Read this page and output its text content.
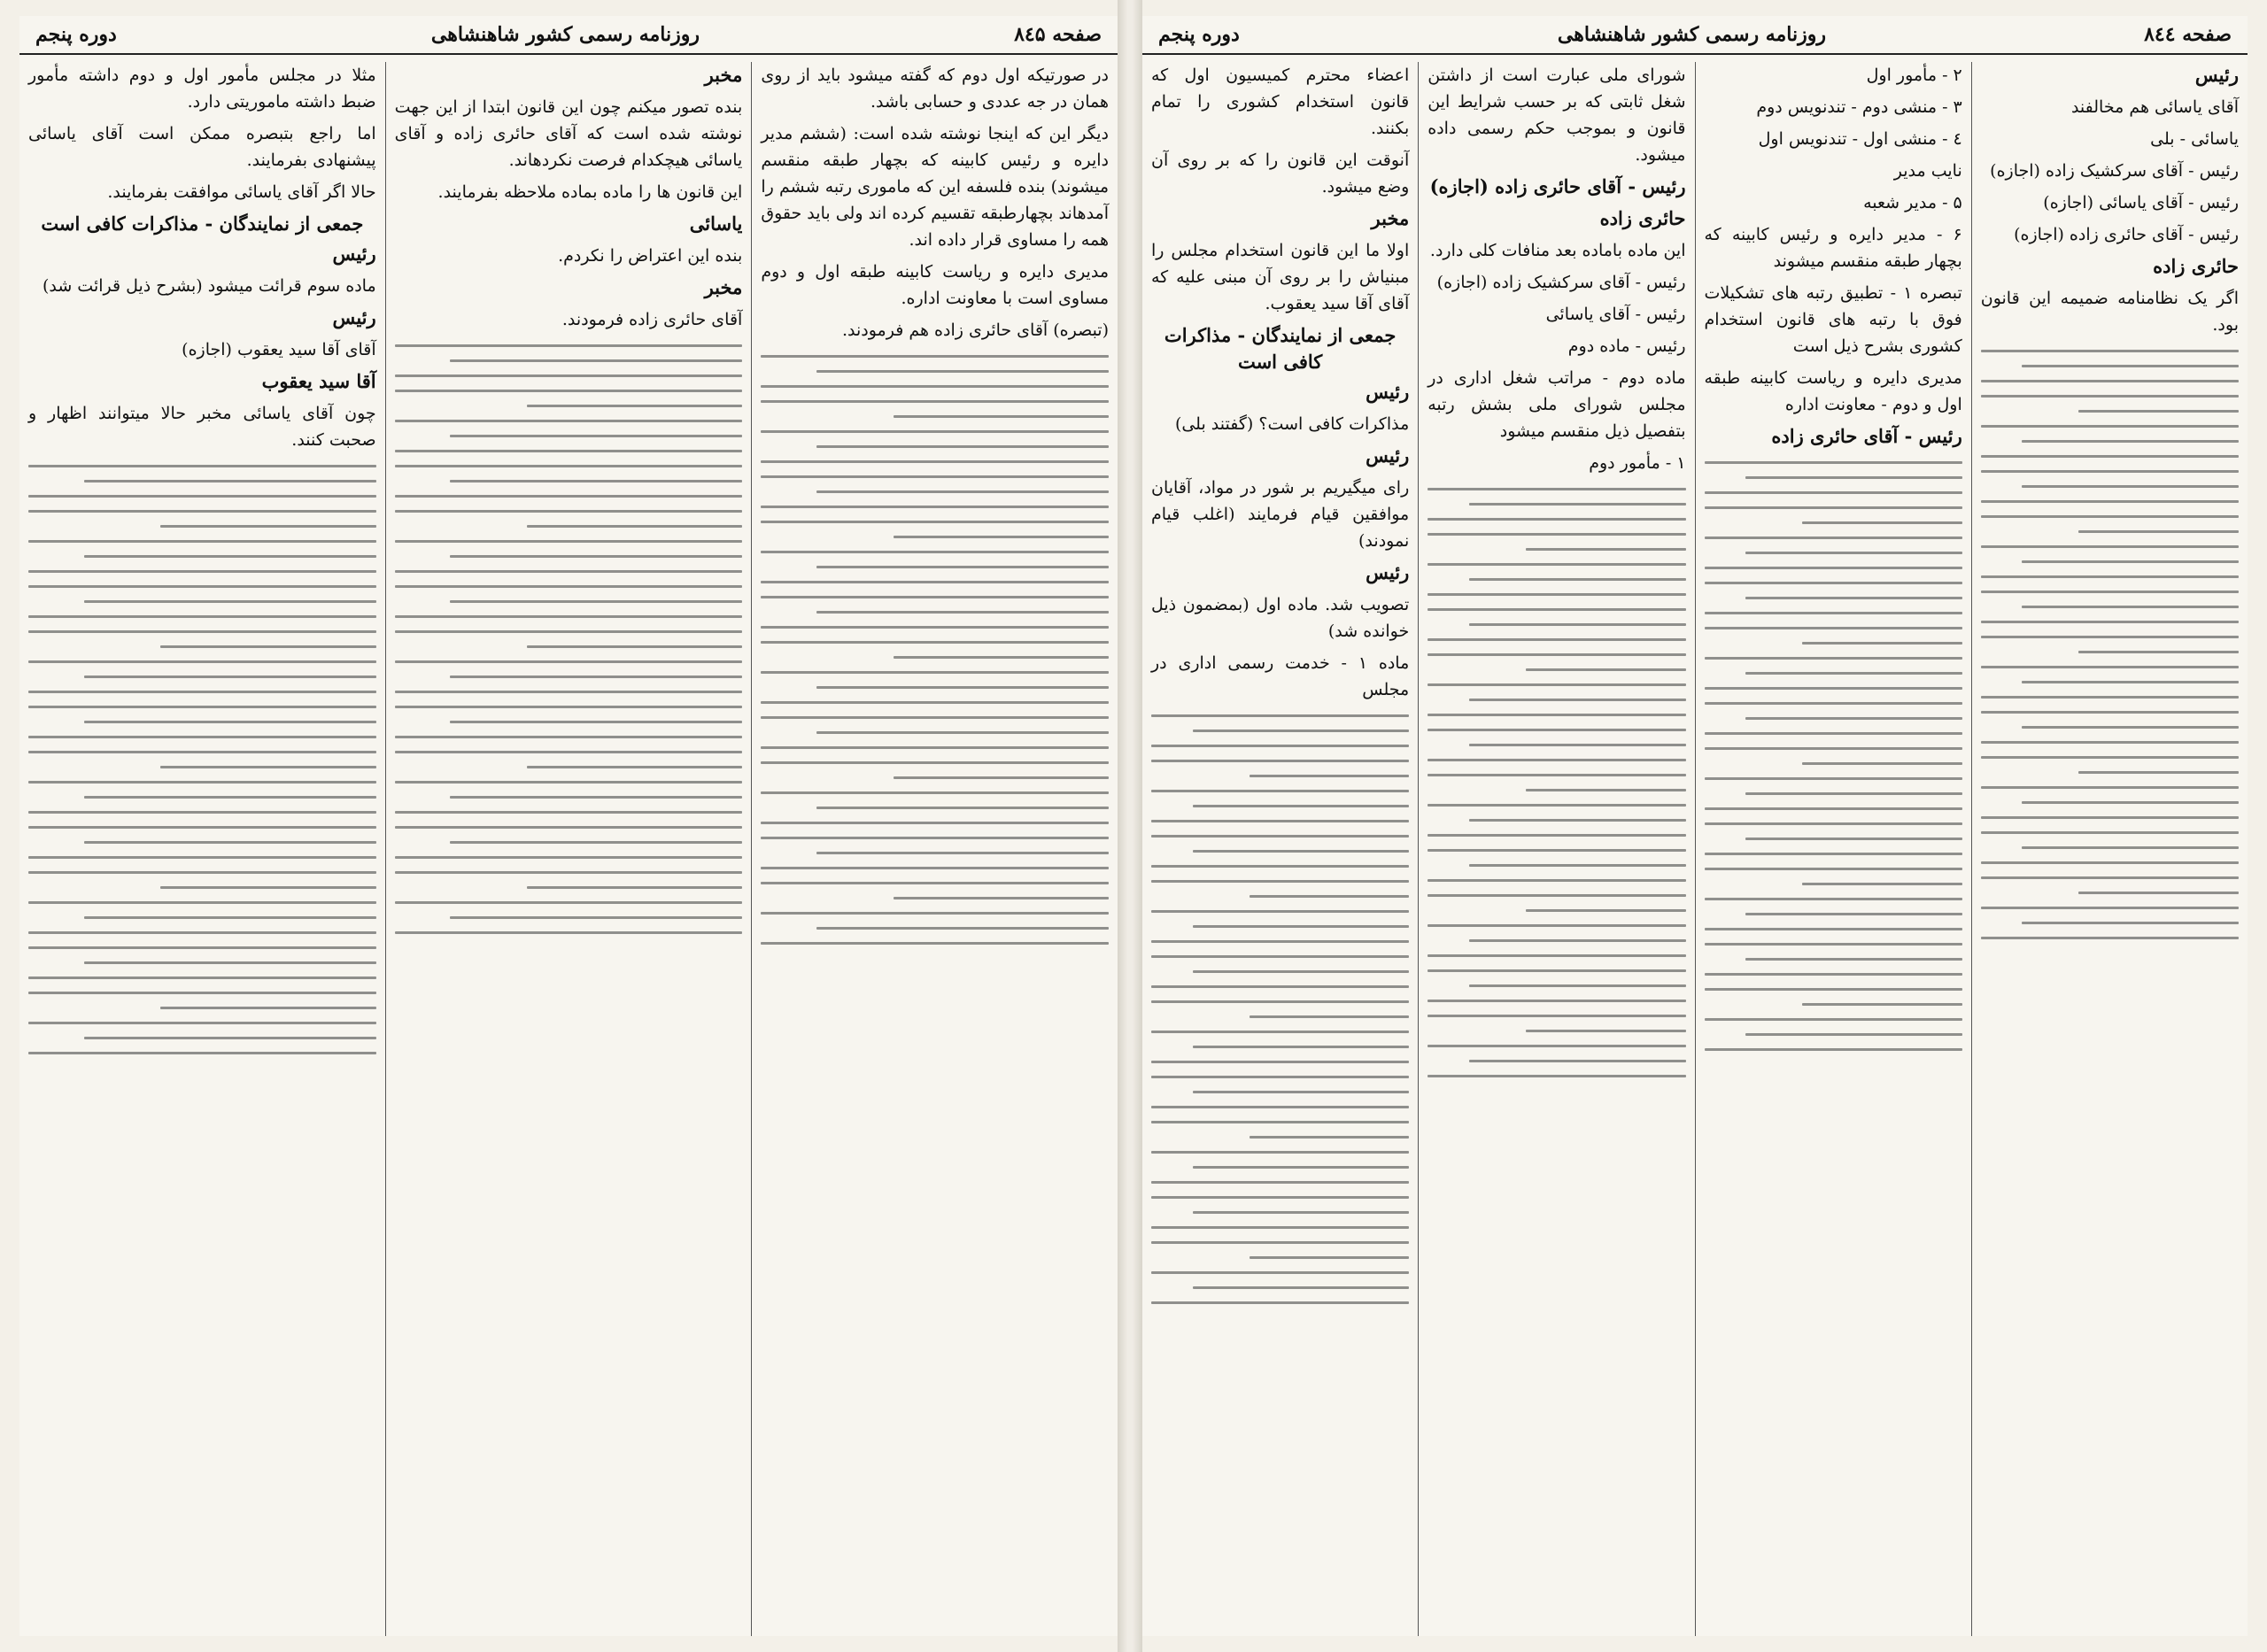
صفحه ۸٤۵
روزنامه رسمی کشور شاهنشاهی
دوره پنجم

در صورتیکه اول دوم که گفته میشود باید از روی همان در جه عددی و حسابی باشد.

دیگر این که اینجا نوشته شده است: (ششم مدیر دایره و رئیس کابینه که بچهار طبقه منقسم میشوند) بنده فلسفه این که ماموری رتبه ششم را آمدهاند بچهارطبقه تقسیم کرده اند ولی باید حقوق همه را مساوی قرار داده اند.

مدیری دایره و ریاست کابینه طبقه اول و دوم مساوی است با معاونت اداره.

(تبصره) آقای حائری زاده هم فرمودند.

مخبر

بنده تصور میکنم چون این قانون ابتدا از این جهت نوشته شده است که آقای حائری زاده و آقای یاسائی هیچکدام فرصت نکردهاند.

این قانون ها را ماده بماده ملاحظه بفرمایند.

یاسائی

بنده این اعتراض را نکردم.

مخبر

آقای حائری زاده فرمودند.

مثلا در مجلس مأمور اول و دوم داشته مأمور ضبط داشته ماموریتی دارد.

اما راجع بتبصره ممکن است آقای یاسائی پیشنهادی بفرمایند.

حالا اگر آقای یاسائی موافقت بفرمایند.

جمعی از نمایندگان - مذاکرات کافی است

رئیس

ماده سوم قرائت میشود (بشرح ذیل قرائت شد)

رئیس

آقای آقا سید یعقوب (اجازه)

آقا سید یعقوب

چون آقای یاسائی مخبر حالا میتوانند اظهار و صحبت کنند.

صفحه ۸٤٤
روزنامه رسمی کشور شاهنشاهی
دوره پنجم

رئیس

آقای یاسائی هم مخالفند

یاسائی - بلی

رئیس - آقای سرکشیک زاده (اجازه)

رئیس - آقای یاسائی (اجازه)

رئیس - آقای حائری زاده (اجازه)

حائری زاده

اگر یک نظامنامه ضمیمه این قانون بود.

۲ - مأمور اول

۳ - منشی دوم - تندنویس دوم

٤ - منشی اول - تندنویس اول

نایب مدیر

۵ - مدیر شعبه

۶ - مدیر دایره و رئیس کابینه که بچهار طبقه منقسم میشوند

تبصره ۱ - تطبیق رتبه های تشکیلات فوق با رتبه های قانون استخدام کشوری بشرح ذیل است

مدیری دایره و ریاست کابینه طبقه اول و دوم - معاونت اداره

رئیس - آقای حائری زاده

شورای ملی عبارت است از داشتن شغل ثابتی که بر حسب شرایط این قانون و بموجب حکم رسمی داده میشود.

رئیس - آقای حائری زاده (اجازه)

حائری زاده

این ماده باماده بعد منافات کلی دارد.

رئیس - آقای سرکشیک زاده (اجازه)

رئیس - آقای یاسائی

رئیس - ماده دوم

ماده دوم - مراتب شغل اداری در مجلس شورای ملی بشش رتبه بتفصیل ذیل منقسم میشود

۱ - مأمور دوم

اعضاء محترم کمیسیون اول که قانون استخدام کشوری را تمام بکنند.

آنوقت این قانون را که بر روی آن وضع میشود.

مخبر

اولا ما این قانون استخدام مجلس را مبنیاش را بر روی آن مبنی علیه که آقای آقا سید یعقوب.

جمعی از نمایندگان - مذاکرات کافی است

رئیس

مذاکرات کافی است؟ (گفتند بلی)

رئیس

رای میگیریم بر شور در مواد، آقایان موافقین قیام فرمایند (اغلب قیام نمودند)

رئیس

تصویب شد. ماده اول (بمضمون ذیل خوانده شد)

ماده ۱ - خدمت رسمی اداری در مجلس
